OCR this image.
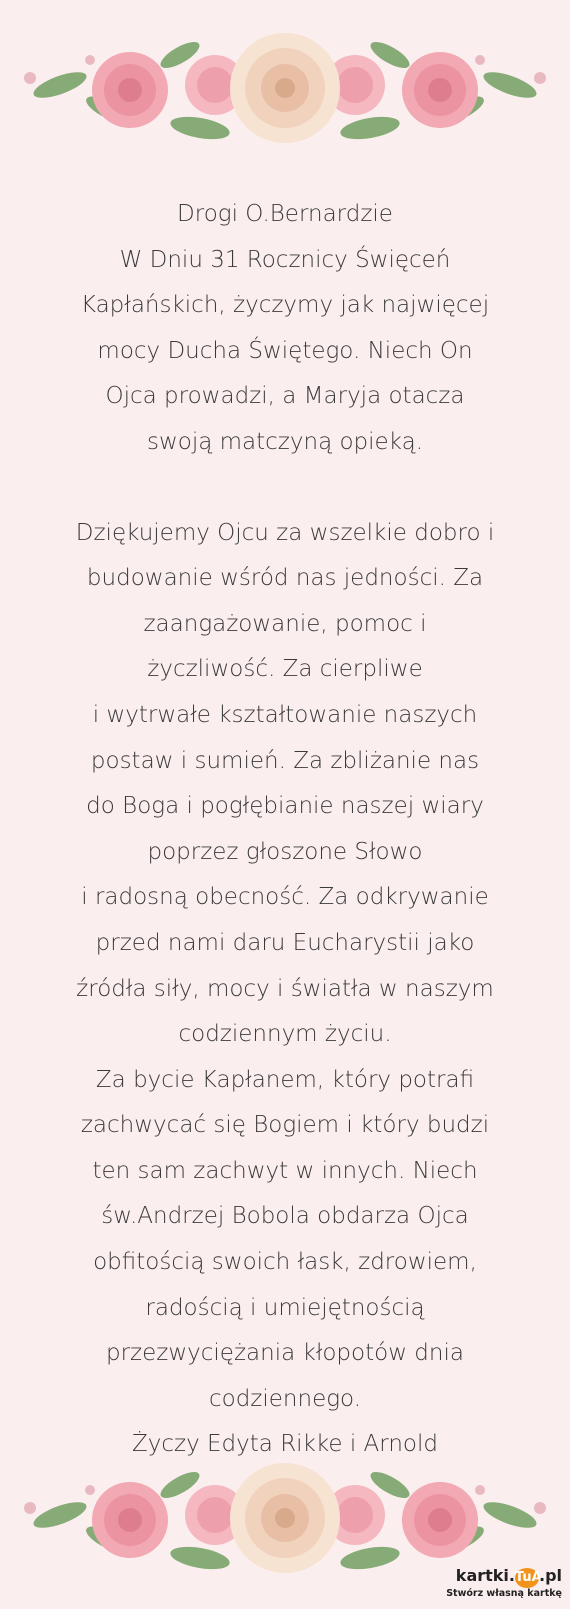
Drogi O.Bernardzie

W Dniu 31 Rocznicy Święceń

Kapłańskich, życzymy jak najwięcej

mocy Ducha Świętego. Niech On

Ojca prowadzi, a Maryja otacza

swoją matczyną opieką.

Dziękujemy Ojcu za wszelkie dobro i

budowanie wśród nas jedności. Za

zaangażowanie, pomoc i

życzliwość. Za cierpliwe

i wytrwałe kształtowanie naszych

postaw i sumień. Za zbliżanie nas

do Boga i pogłębianie naszej wiary

poprzez głoszone Słowo

i radosną obecność. Za odkrywanie

przed nami daru Eucharystii jako

źródła siły, mocy i światła w naszym

codziennym życiu.

Za bycie Kapłanem, który potrafi

zachwycać się Bogiem i który budzi

ten sam zachwyt w innych. Niech

św.Andrzej Bobola obdarza Ojca

obfitością swoich łask, zdrowiem,

radością i umiejętnością

przezwyciężania kłopotów dnia

codziennego.

Życzy Edyta Rikke i Arnold

kartki.TuA.pl
Stwórz własną kartkę
